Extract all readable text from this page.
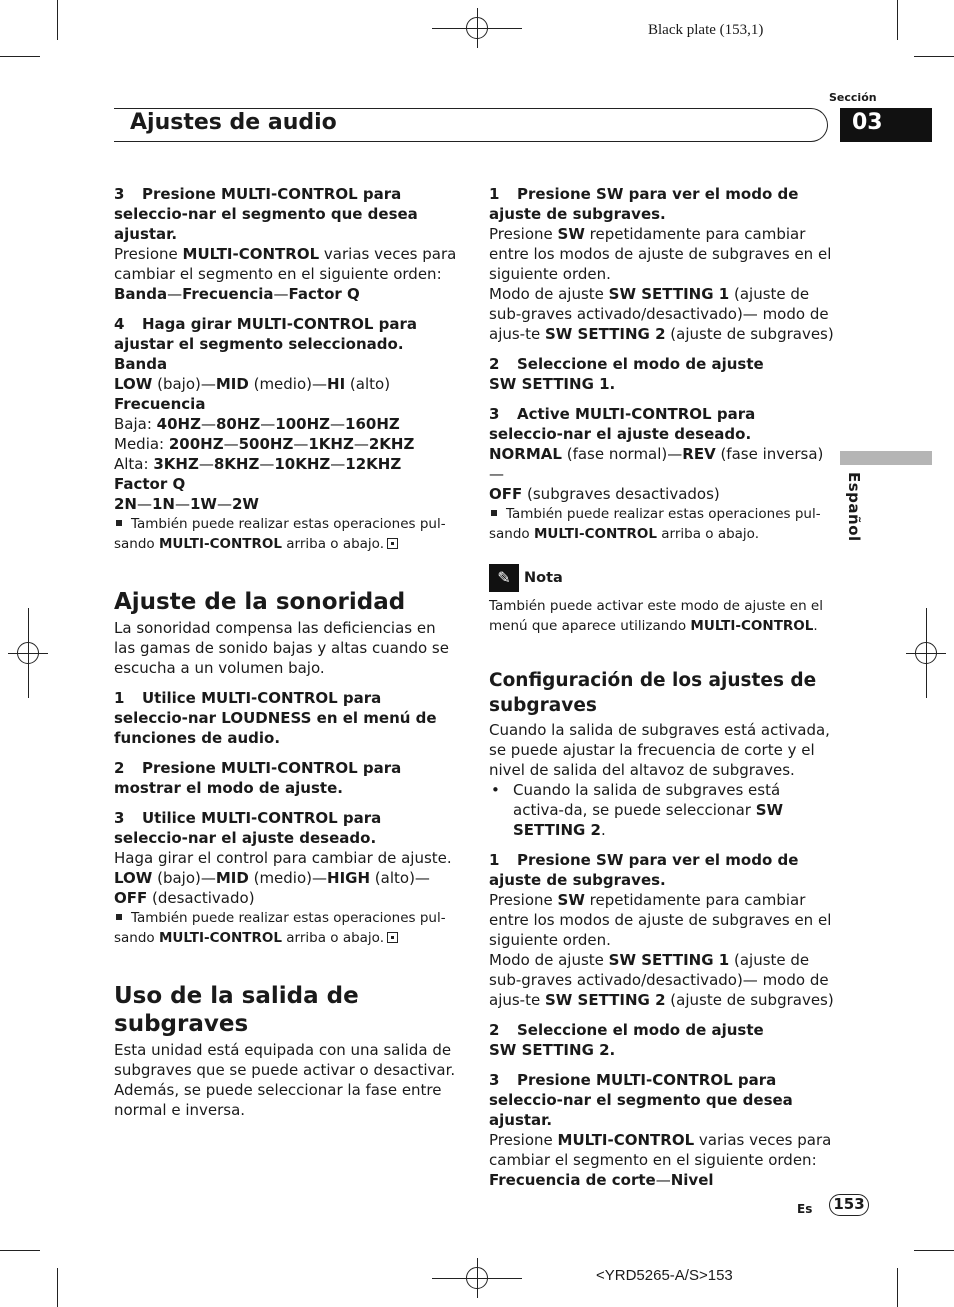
Black plate (153,1)
<YRD5265-A/S>153
Sección
Ajustes de audio	03
Español

3 Presione MULTI-CONTROL para seleccio-nar el segmento que desea ajustar.

Presione MULTI-CONTROL varias veces para cambiar el segmento en el siguiente orden:

Banda—Frecuencia—Factor Q

4 Haga girar MULTI-CONTROL para ajustar el segmento seleccionado.

Banda

LOW (bajo)—MID (medio)—HI (alto)

Frecuencia

Baja: 40HZ—80HZ—100HZ—160HZ

Media: 200HZ—500HZ—1KHZ—2KHZ

Alta: 3KHZ—8KHZ—10KHZ—12KHZ

Factor Q

2N—1N—1W—2W

También puede realizar estas operaciones pul-sando MULTI-CONTROL arriba o abajo.

Ajuste de la sonoridad

La sonoridad compensa las deficiencias en las gamas de sonido bajas y altas cuando se escucha a un volumen bajo.

1 Utilice MULTI-CONTROL para seleccio-nar LOUDNESS en el menú de funciones de audio.

2 Presione MULTI-CONTROL para mostrar el modo de ajuste.

3 Utilice MULTI-CONTROL para seleccio-nar el ajuste deseado.

Haga girar el control para cambiar de ajuste.

LOW (bajo)—MID (medio)—HIGH (alto)—
OFF (desactivado)

También puede realizar estas operaciones pul-sando MULTI-CONTROL arriba o abajo.

Uso de la salida de subgraves

Esta unidad está equipada con una salida de subgraves que se puede activar o desactivar. Además, se puede seleccionar la fase entre normal e inversa.

1 Presione SW para ver el modo de ajuste de subgraves.

Presione SW repetidamente para cambiar entre los modos de ajuste de subgraves en el siguiente orden.

Modo de ajuste SW SETTING 1 (ajuste de sub-graves activado/desactivado)— modo de ajus-te SW SETTING 2 (ajuste de subgraves)

2 Seleccione el modo de ajuste
SW SETTING 1.

3 Active MULTI-CONTROL para seleccio-nar el ajuste deseado.

NORMAL (fase normal)—REV (fase inversa)—
OFF (subgraves desactivados)

También puede realizar estas operaciones pul-sando MULTI-CONTROL arriba o abajo.

✎ Nota

También puede activar este modo de ajuste en el menú que aparece utilizando MULTI-CONTROL.

Configuración de los ajustes de subgraves

Cuando la salida de subgraves está activada, se puede ajustar la frecuencia de corte y el nivel de salida del altavoz de subgraves.

• Cuando la salida de subgraves está activa-da, se puede seleccionar SW SETTING 2.

1 Presione SW para ver el modo de ajuste de subgraves.

Presione SW repetidamente para cambiar entre los modos de ajuste de subgraves en el siguiente orden.

Modo de ajuste SW SETTING 1 (ajuste de sub-graves activado/desactivado)— modo de ajus-te SW SETTING 2 (ajuste de subgraves)

2 Seleccione el modo de ajuste
SW SETTING 2.

3 Presione MULTI-CONTROL para seleccio-nar el segmento que desea ajustar.

Presione MULTI-CONTROL varias veces para cambiar el segmento en el siguiente orden:

Frecuencia de corte—Nivel

Es 153
